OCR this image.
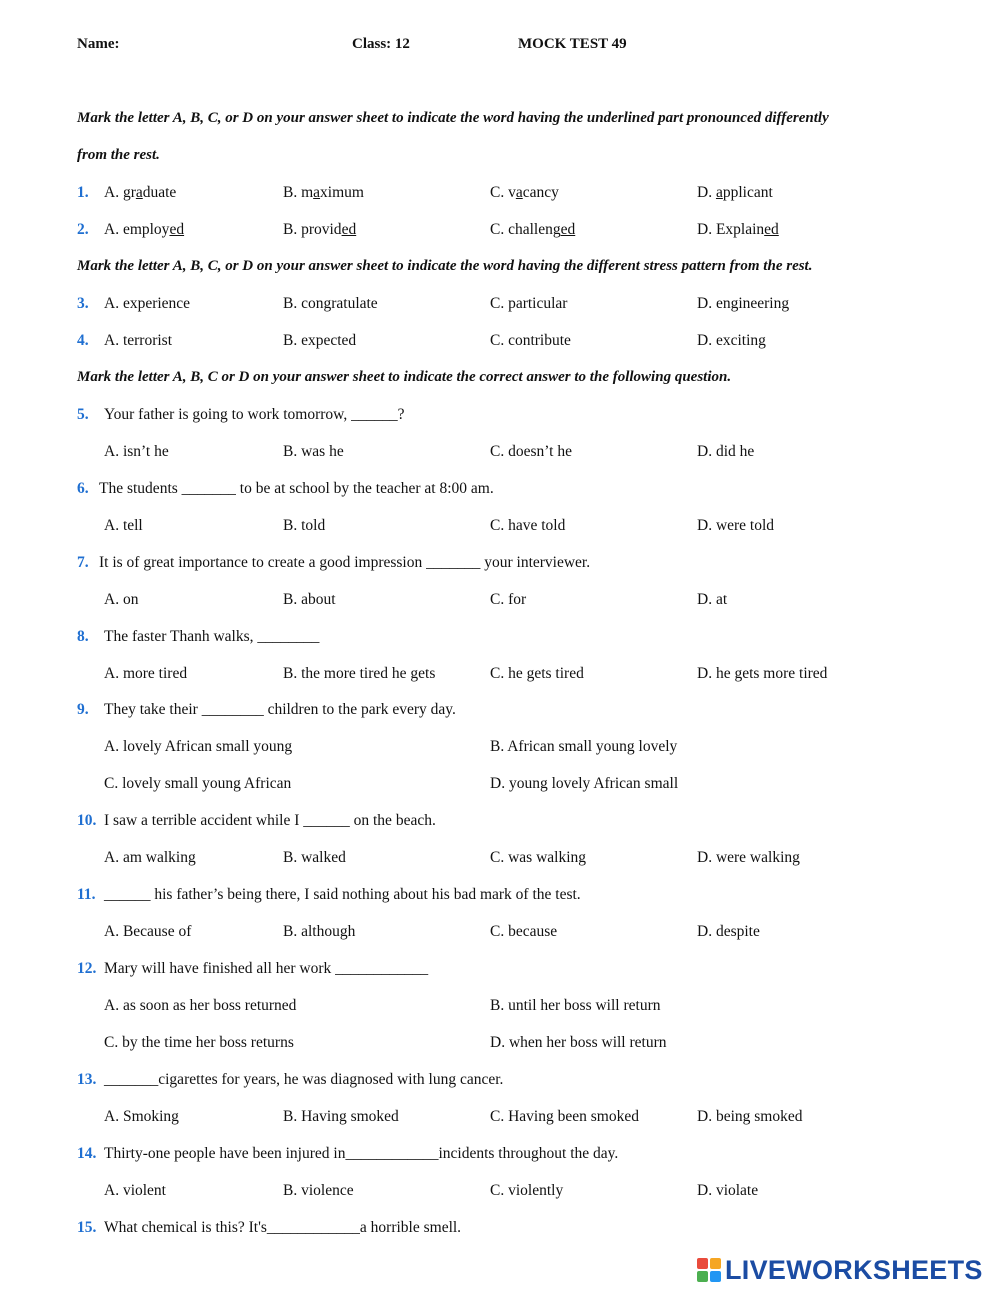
Name:	Class: 12	MOCK TEST 49
Mark the letter A, B, C, or D on your answer sheet to indicate the word having the underlined part pronounced differently
from the rest.
1. A. graduate	B. maximum	C. vacancy	D. applicant
2. A. employed	B. provided	C. challenged	D. Explained
Mark the letter A, B, C, or D on your answer sheet to indicate the word having the different stress pattern from the rest.
3. A. experience	B. congratulate	C. particular	D. engineering
4. A. terrorist	B. expected	C. contribute	D. exciting
Mark the letter A, B, C or D on your answer sheet to indicate the correct answer to the following question.
5. Your father is going to work tomorrow, ______?
A. isn’t he	B. was he	C. doesn’t he	D. did he
6. The students _______ to be at school by the teacher at 8:00 am.
A. tell	B. told	C. have told	D. were told
7. It is of great importance to create a good impression _______ your interviewer.
A. on	B. about	C. for	D. at
8. The faster Thanh walks, ________
A. more tired	B. the more tired he gets	C. he gets tired	D. he gets more tired
9. They take their ________ children to the park every day.
A. lovely African small young	B. African small young lovely
C. lovely small young African	D. young lovely African small
10. I saw a terrible accident while I ______ on the beach.
A. am walking	B. walked	C. was walking	D. were walking
11. ______ his father’s being there, I said nothing about his bad mark of the test.
A. Because of	B. although	C. because	D. despite
12. Mary will have finished all her work ____________
A. as soon as her boss returned	B. until her boss will return
C. by the time her boss returns	D. when her boss will return
13. _______cigarettes for years, he was diagnosed with lung cancer.
A. Smoking	B. Having smoked	C. Having been smoked	D. being smoked
14. Thirty-one people have been injured in____________incidents throughout the day.
A. violent	B. violence	C. violently	D. violate
15. What chemical is this? It's____________a horrible smell.
LIVEWORKSHEETS
